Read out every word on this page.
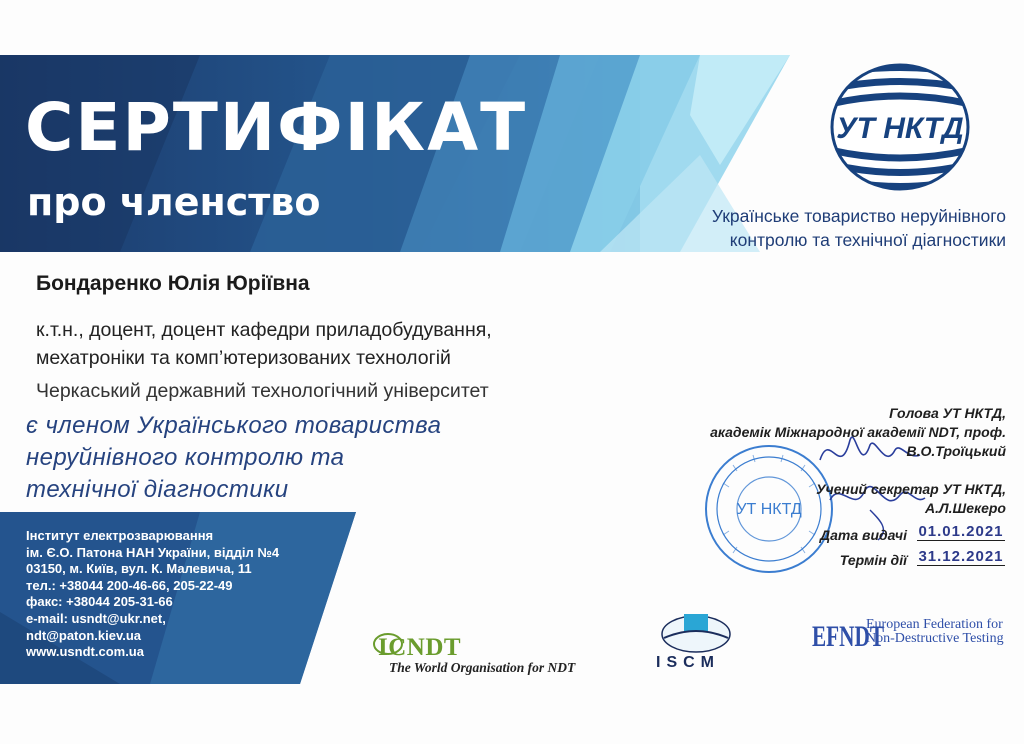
СЕРТИФІКАТ
про членство
УТ НКТД
Українське товариство неруйнівного
контролю та технічної діагностики
Бондаренко Юлія Юріївна
к.т.н., доцент, доцент кафедри приладобудування,
мехатроніки та комп’ютеризованих технологій
Черкаський державний технологічний університет
є членом Українського товариства
неруйнівного контролю та
технічної діагностики
УТ НКТД
Голова УТ НКТД,
академік Міжнародної академії NDT, проф.
В.О.Троїцький
Учений секретар УТ НКТД,
А.Л.Шекеро
Дата видачі 01.01.2021
Термін дії 31.12.2021
Інститут електрозварювання
ім. Є.О. Патона НАН України, відділ №4
03150, м. Київ, вул. К. Малевича, 11
тел.: +38044 200-46-66, 205-22-49
факс: +38044 205-31-66
e-mail: usndt@ukr.net,
ndt@paton.kiev.ua
www.usndt.com.ua	ICNDT
The World Organisation for NDT	ISCM
EFNDT
European Federation for
Non-Destructive Testing
